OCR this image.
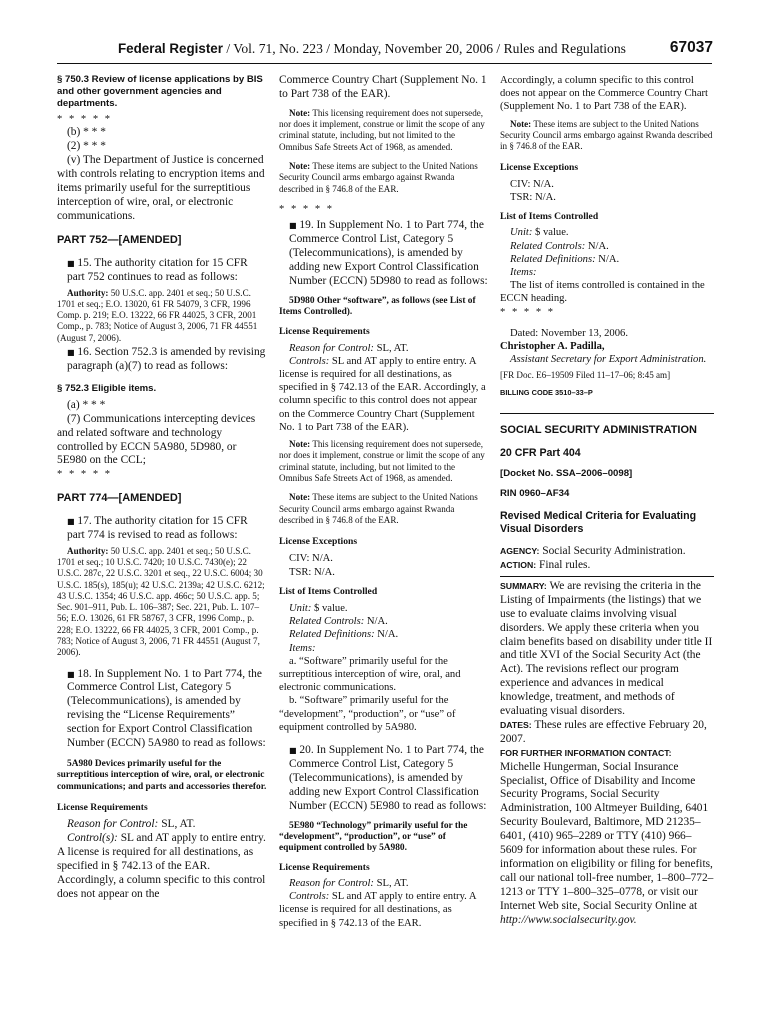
Federal Register / Vol. 71, No. 223 / Monday, November 20, 2006 / Rules and Regulations	67037

§ 750.3 Review of license applications by BIS and other government agencies and departments.

* * * * *

(b) * * *

(2) * * *

(v) The Department of Justice is concerned with controls relating to encryption items and items primarily useful for the surreptitious interception of wire, oral, or electronic communications.

PART 752—[AMENDED]

■ 15. The authority citation for 15 CFR part 752 continues to read as follows:

Authority: 50 U.S.C. app. 2401 et seq.; 50 U.S.C. 1701 et seq.; E.O. 13020, 61 FR 54079, 3 CFR, 1996 Comp. p. 219; E.O. 13222, 66 FR 44025, 3 CFR, 2001 Comp., p. 783; Notice of August 3, 2006, 71 FR 44551 (August 7, 2006).

■ 16. Section 752.3 is amended by revising paragraph (a)(7) to read as follows:

§ 752.3 Eligible items.

(a) * * *

(7) Communications intercepting devices and related software and technology controlled by ECCN 5A980, 5D980, or 5E980 on the CCL;

* * * * *

PART 774—[AMENDED]

■ 17. The authority citation for 15 CFR part 774 is revised to read as follows:

Authority: 50 U.S.C. app. 2401 et seq.; 50 U.S.C. 1701 et seq.; 10 U.S.C. 7420; 10 U.S.C. 7430(e); 22 U.S.C. 287c, 22 U.S.C. 3201 et seq., 22 U.S.C. 6004; 30 U.S.C. 185(s), 185(u); 42 U.S.C. 2139a; 42 U.S.C. 6212; 43 U.S.C. 1354; 46 U.S.C. app. 466c; 50 U.S.C. app. 5; Sec. 901–911, Pub. L. 106–387; Sec. 221, Pub. L. 107–56; E.O. 13026, 61 FR 58767, 3 CFR, 1996 Comp., p. 228; E.O. 13222, 66 FR 44025, 3 CFR, 2001 Comp., p. 783; Notice of August 3, 2006, 71 FR 44551 (August 7, 2006).

■ 18. In Supplement No. 1 to Part 774, the Commerce Control List, Category 5 (Telecommunications), is amended by revising the “License Requirements” section for Export Control Classification Number (ECCN) 5A980 to read as follows:

5A980 Devices primarily useful for the surreptitious interception of wire, oral, or electronic communications; and parts and accessories therefor.

License Requirements

Reason for Control: SL, AT.

Control(s): SL and AT apply to entire entry. A license is required for all destinations, as specified in § 742.13 of the EAR. Accordingly, a column specific to this control does not appear on the

Commerce Country Chart (Supplement No. 1 to Part 738 of the EAR).

Note: This licensing requirement does not supersede, nor does it implement, construe or limit the scope of any criminal statute, including, but not limited to the Omnibus Safe Streets Act of 1968, as amended.

Note: These items are subject to the United Nations Security Council arms embargo against Rwanda described in § 746.8 of the EAR.

* * * * *

■ 19. In Supplement No. 1 to Part 774, the Commerce Control List, Category 5 (Telecommunications), is amended by adding new Export Control Classification Number (ECCN) 5D980 to read as follows:

5D980 Other “software”, as follows (see List of Items Controlled).

License Requirements

Reason for Control: SL, AT.

Controls: SL and AT apply to entire entry. A license is required for all destinations, as specified in § 742.13 of the EAR. Accordingly, a column specific to this control does not appear on the Commerce Country Chart (Supplement No. 1 to Part 738 of the EAR).

Note: This licensing requirement does not supersede, nor does it implement, construe or limit the scope of any criminal statute, including, but not limited to the Omnibus Safe Streets Act of 1968, as amended.

Note: These items are subject to the United Nations Security Council arms embargo against Rwanda described in § 746.8 of the EAR.

License Exceptions

CIV: N/A.

TSR: N/A.

List of Items Controlled

Unit: $ value.

Related Controls: N/A.

Related Definitions: N/A.

Items:

a. “Software” primarily useful for the surreptitious interception of wire, oral, and electronic communications.

b. “Software” primarily useful for the “development”, “production”, or “use” of equipment controlled by 5A980.

■ 20. In Supplement No. 1 to Part 774, the Commerce Control List, Category 5 (Telecommunications), is amended by adding new Export Control Classification Number (ECCN) 5E980 to read as follows:

5E980 “Technology” primarily useful for the “development”, “production”, or “use” of equipment controlled by 5A980.

License Requirements

Reason for Control: SL, AT.

Controls: SL and AT apply to entire entry. A license is required for all destinations, as specified in § 742.13 of the EAR.

Accordingly, a column specific to this control does not appear on the Commerce Country Chart (Supplement No. 1 to Part 738 of the EAR).

Note: These items are subject to the United Nations Security Council arms embargo against Rwanda described in § 746.8 of the EAR.

License Exceptions

CIV: N/A.

TSR: N/A.

List of Items Controlled

Unit: $ value.

Related Controls: N/A.

Related Definitions: N/A.

Items:

The list of items controlled is contained in the ECCN heading.

* * * * *

Dated: November 13, 2006.

Christopher A. Padilla,

Assistant Secretary for Export Administration.

[FR Doc. E6–19509 Filed 11–17–06; 8:45 am]

BILLING CODE 3510–33–P

SOCIAL SECURITY ADMINISTRATION

20 CFR Part 404

[Docket No. SSA–2006–0098]

RIN 0960–AF34

Revised Medical Criteria for Evaluating Visual Disorders

AGENCY: Social Security Administration.

ACTION: Final rules.

SUMMARY: We are revising the criteria in the Listing of Impairments (the listings) that we use to evaluate claims involving visual disorders. We apply these criteria when you claim benefits based on disability under title II and title XVI of the Social Security Act (the Act). The revisions reflect our program experience and advances in medical knowledge, treatment, and methods of evaluating visual disorders.

DATES: These rules are effective February 20, 2007.

FOR FURTHER INFORMATION CONTACT:

Michelle Hungerman, Social Insurance Specialist, Office of Disability and Income Security Programs, Social Security Administration, 100 Altmeyer Building, 6401 Security Boulevard, Baltimore, MD 21235–6401, (410) 965–2289 or TTY (410) 966–5609 for information about these rules. For information on eligibility or filing for benefits, call our national toll-free number, 1–800–772–1213 or TTY 1–800–325–0778, or visit our Internet Web site, Social Security Online at http://www.socialsecurity.gov.
